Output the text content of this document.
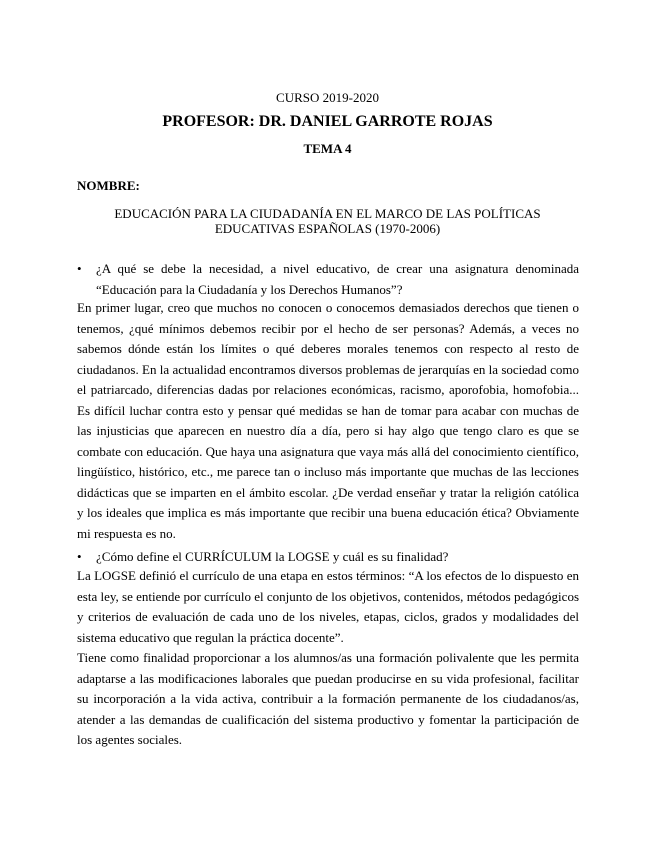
CURSO 2019-2020
PROFESOR: DR. DANIEL GARROTE ROJAS
TEMA 4
NOMBRE:
EDUCACIÓN PARA LA CIUDADANÍA EN EL MARCO DE LAS POLÍTICAS EDUCATIVAS ESPAÑOLAS (1970-2006)
• ¿A qué se debe la necesidad, a nivel educativo, de crear una asignatura denominada “Educación para la Ciudadanía y los Derechos Humanos”?
En primer lugar, creo que muchos no conocen o conocemos demasiados derechos que tienen o tenemos, ¿qué mínimos debemos recibir por el hecho de ser personas? Además, a veces no sabemos dónde están los límites o qué deberes morales tenemos con respecto al resto de ciudadanos. En la actualidad encontramos diversos problemas de jerarquías en la sociedad como el patriarcado, diferencias dadas por relaciones económicas, racismo, aporofobia, homofobia... Es difícil luchar contra esto y pensar qué medidas se han de tomar para acabar con muchas de las injusticias que aparecen en nuestro día a día, pero si hay algo que tengo claro es que se combate con educación. Que haya una asignatura que vaya más allá del conocimiento científico, lingüístico, histórico, etc., me parece tan o incluso más importante que muchas de las lecciones didácticas que se imparten en el ámbito escolar. ¿De verdad enseñar y tratar la religión católica y los ideales que implica es más importante que recibir una buena educación ética? Obviamente mi respuesta es no.
• ¿Cómo define el CURRÍCULUM la LOGSE y cuál es su finalidad?
La LOGSE definió el currículo de una etapa en estos términos: “A los efectos de lo dispuesto en esta ley, se entiende por currículo el conjunto de los objetivos, contenidos, métodos pedagógicos y criterios de evaluación de cada uno de los niveles, etapas, ciclos, grados y modalidades del sistema educativo que regulan la práctica docente”.
Tiene como finalidad proporcionar a los alumnos/as una formación polivalente que les permita adaptarse a las modificaciones laborales que puedan producirse en su vida profesional, facilitar su incorporación a la vida activa, contribuir a la formación permanente de los ciudadanos/as, atender a las demandas de cualificación del sistema productivo y fomentar la participación de los agentes sociales.
